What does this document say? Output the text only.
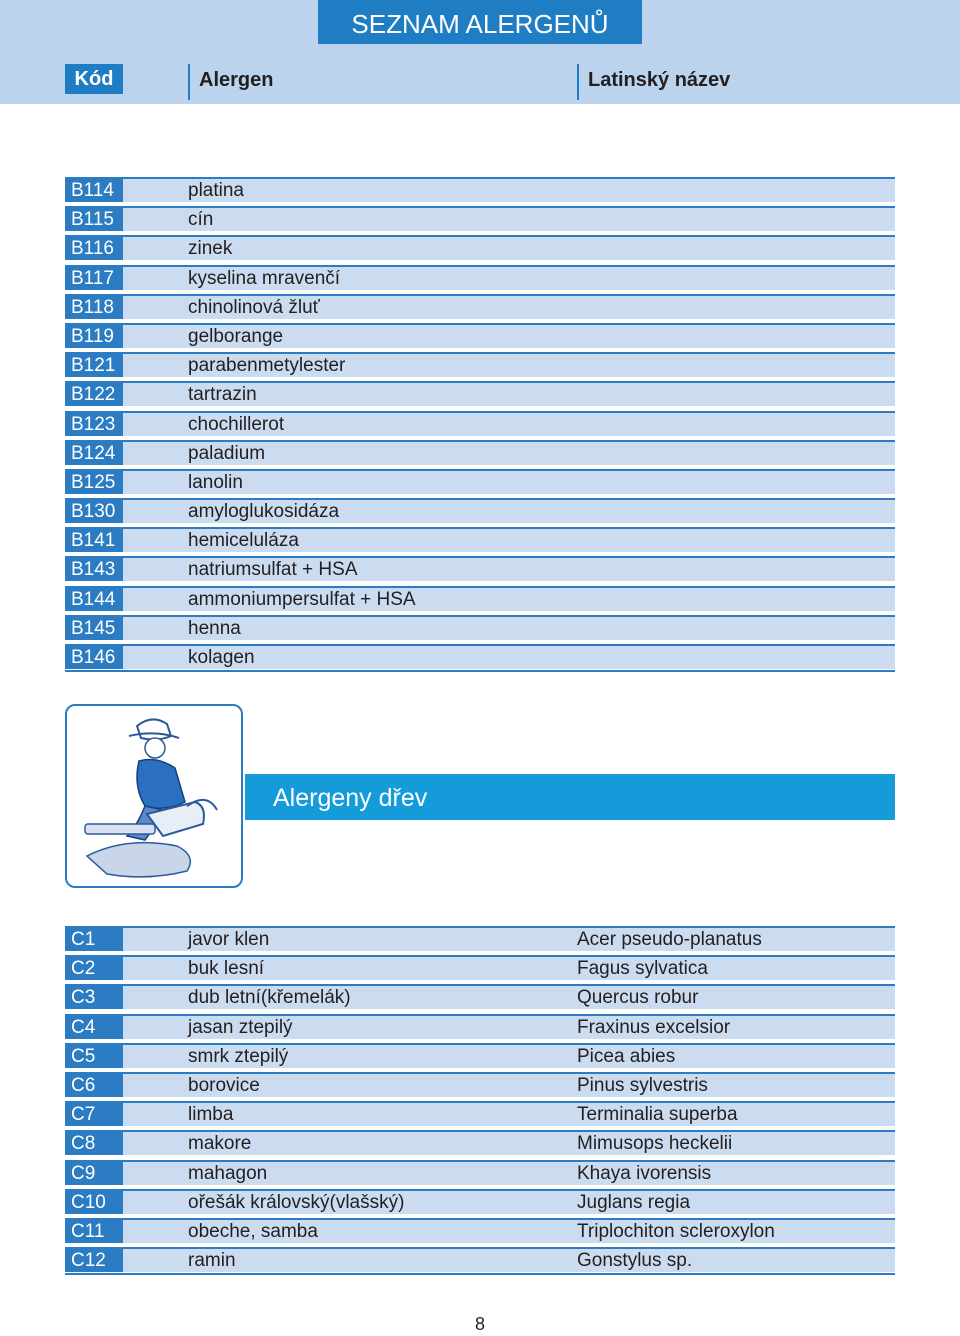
SEZNAM ALERGENŮ
Kód	Alergen	Latinský název
B114	platina
B115	cín
B116	zinek
B117	kyselina mravenčí
B118	chinolinová žluť
B119	gelborange
B121	parabenmetylester
B122	tartrazin
B123	chochillerot
B124	paladium
B125	lanolin
B130	amyloglukosidáza
B141	hemiceluláza
B143	natriumsulfat + HSA
B144	ammoniumpersulfat + HSA
B145	henna
B146	kolagen
Alergeny dřev
C1	javor klen	Acer pseudo-planatus
C2	buk lesní	Fagus sylvatica
C3	dub letní(křemelák)	Quercus robur
C4	jasan ztepilý	Fraxinus excelsior
C5	smrk ztepilý	Picea abies
C6	borovice	Pinus sylvestris
C7	limba	Terminalia superba
C8	makore	Mimusops heckelii
C9	mahagon	Khaya ivorensis
C10	ořešák královský(vlašský)	Juglans regia
C11	obeche, samba	Triplochiton scleroxylon
C12	ramin	Gonstylus sp.
8
